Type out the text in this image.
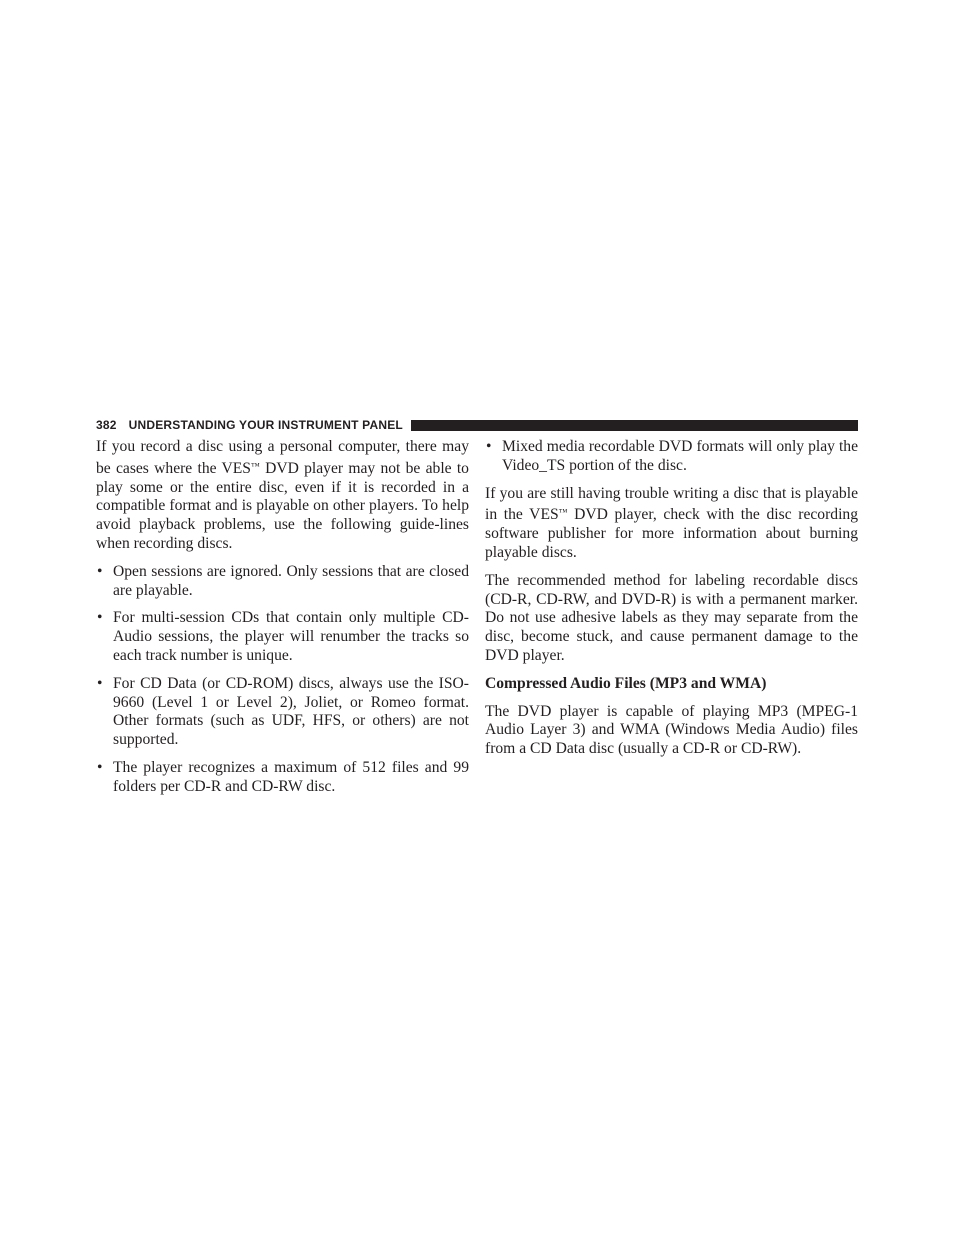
382 UNDERSTANDING YOUR INSTRUMENT PANEL

If you record a disc using a personal computer, there may be cases where the VES™ DVD player may not be able to play some or the entire disc, even if it is recorded in a compatible format and is playable on other players. To help avoid playback problems, use the following guide-lines when recording discs.

• Open sessions are ignored. Only sessions that are closed are playable.
• For multi-session CDs that contain only multiple CD-Audio sessions, the player will renumber the tracks so each track number is unique.
• For CD Data (or CD-ROM) discs, always use the ISO-9660 (Level 1 or Level 2), Joliet, or Romeo format. Other formats (such as UDF, HFS, or others) are not supported.
• The player recognizes a maximum of 512 files and 99 folders per CD-R and CD-RW disc.
• Mixed media recordable DVD formats will only play the Video_TS portion of the disc.

If you are still having trouble writing a disc that is playable in the VES™ DVD player, check with the disc recording software publisher for more information about burning playable discs.

The recommended method for labeling recordable discs (CD-R, CD-RW, and DVD-R) is with a permanent marker. Do not use adhesive labels as they may separate from the disc, become stuck, and cause permanent damage to the DVD player.

Compressed Audio Files (MP3 and WMA)

The DVD player is capable of playing MP3 (MPEG-1 Audio Layer 3) and WMA (Windows Media Audio) files from a CD Data disc (usually a CD-R or CD-RW).
